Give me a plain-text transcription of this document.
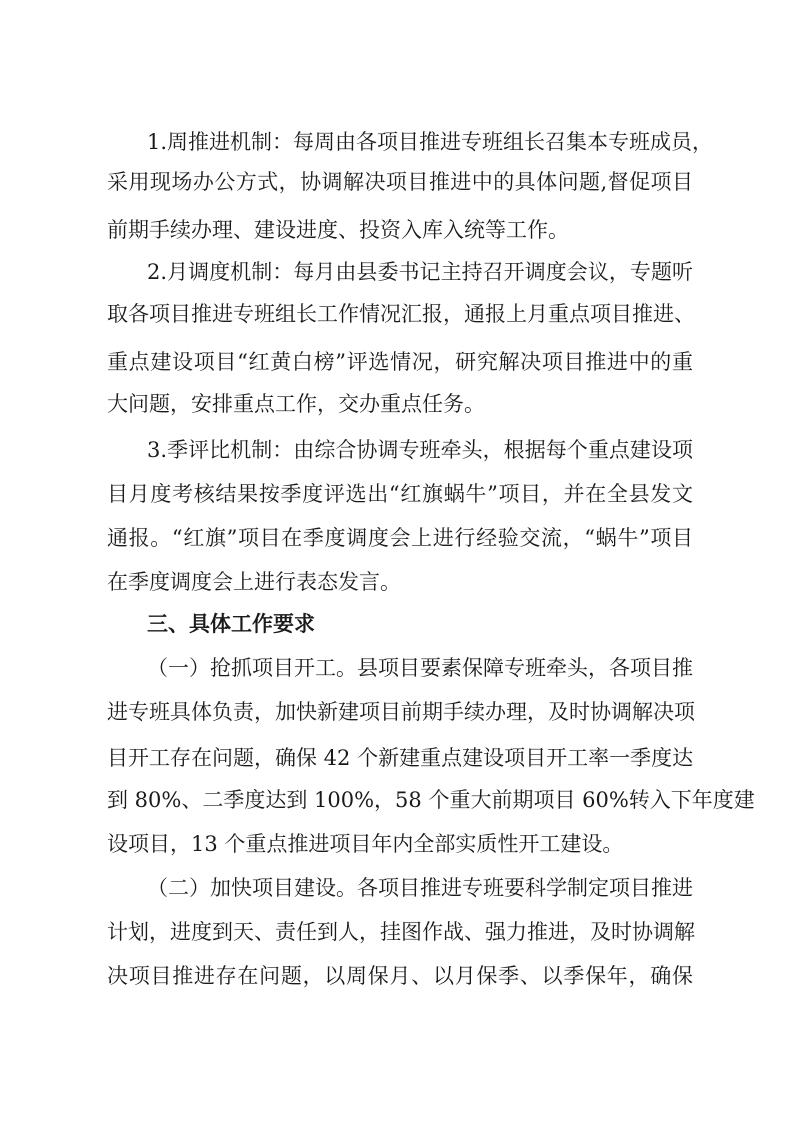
1.周推进机制：每周由各项目推进专班组长召集本专班成员，
采用现场办公方式，协调解决项目推进中的具体问题,督促项目
前期手续办理、建设进度、投资入库入统等工作。
2.月调度机制：每月由县委书记主持召开调度会议，专题听
取各项目推进专班组长工作情况汇报，通报上月重点项目推进、
重点建设项目“红黄白榜”评选情况，研究解决项目推进中的重
大问题，安排重点工作，交办重点任务。
3.季评比机制：由综合协调专班牵头，根据每个重点建设项
目月度考核结果按季度评选出“红旗蜗牛”项目，并在全县发文
通报。“红旗”项目在季度调度会上进行经验交流，“蜗牛”项目
在季度调度会上进行表态发言。
三、具体工作要求
（一）抢抓项目开工。县项目要素保障专班牵头，各项目推
进专班具体负责，加快新建项目前期手续办理，及时协调解决项
目开工存在问题，确保 42 个新建重点建设项目开工率一季度达
到 80%、二季度达到 100%，58 个重大前期项目 60%转入下年度建
设项目，13 个重点推进项目年内全部实质性开工建设。
（二）加快项目建设。各项目推进专班要科学制定项目推进
计划，进度到天、责任到人，挂图作战、强力推进，及时协调解
决项目推进存在问题，以周保月、以月保季、以季保年，确保
